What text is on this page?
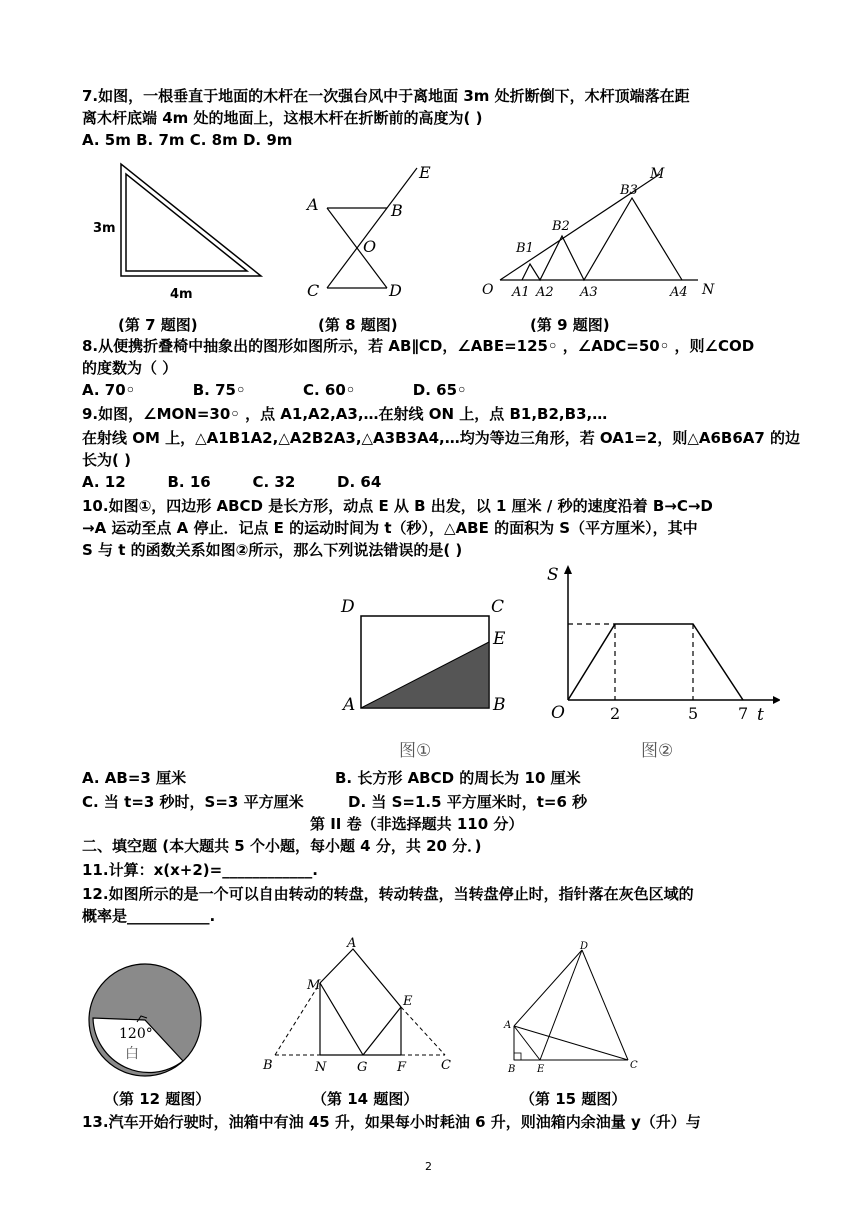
7.如图，一根垂直于地面的木杆在一次强台风中于离地面 3m 处折断倒下，木杆顶端落在距
离木杆底端 4m 处的地面上，这根木杆在折断前的高度为( )
A. 5m B. 7m C. 8m D. 9m
3m
4m
(第 7 题图)
A	B
C	D
E
O
(第 8 题图)
O	N
M
A1 A2 A3	A4
B1
B2
B3
(第 9 题图)
8.从便携折叠椅中抽象出的图形如图所示，若 AB∥CD，∠ABE=125◦ ，∠ADC=50◦ ，则∠COD
的度数为（ ）
A. 70◦           B. 75◦           C. 60◦           D. 65◦
9.如图，∠MON=30◦ ，点 A1,A2,A3,…在射线 ON 上，点 B1,B2,B3,…
在射线 OM 上，△A1B1A2,△A2B2A3,△A3B3A4,…均为等边三角形，若 OA1=2，则△A6B6A7 的边
长为( )
A. 12        B. 16        C. 32        D. 64
10.如图①，四边形 ABCD 是长方形，动点 E 从 B 出发，以 1 厘米 / 秒的速度沿着 B→C→D
→A 运动至点 A 停止．记点 E 的运动时间为 t（秒），△ABE 的面积为 S（平方厘米），其中
S 与 t 的函数关系如图②所示，那么下列说法错误的是( )
D	C
E
A	B
图①
S
O	2	5 7 t
图②
A. AB=3 厘米	B. 长方形 ABCD 的周长为 10 厘米
C. 当 t=3 秒时，S=3 平方厘米	D. 当 S=1.5 平方厘米时，t=6 秒
第 II 卷（非选择题共 110 分）
二、填空题 (本大题共 5 个小题，每小题 4 分，共 20 分．)
11.计算：x(x+2)=____________.
12.如图所示的是一个可以自由转动的转盘，转动转盘，当转盘停止时，指针落在灰色区域的
概率是___________.
120°
白
（第 12 题图）
A
M
E
B	N G F	C
（第 14 题图）
D
A
B E	C
（第 15 题图）
13.汽车开始行驶时，油箱中有油 45 升，如果每小时耗油 6 升，则油箱内余油量 y（升）与
2
